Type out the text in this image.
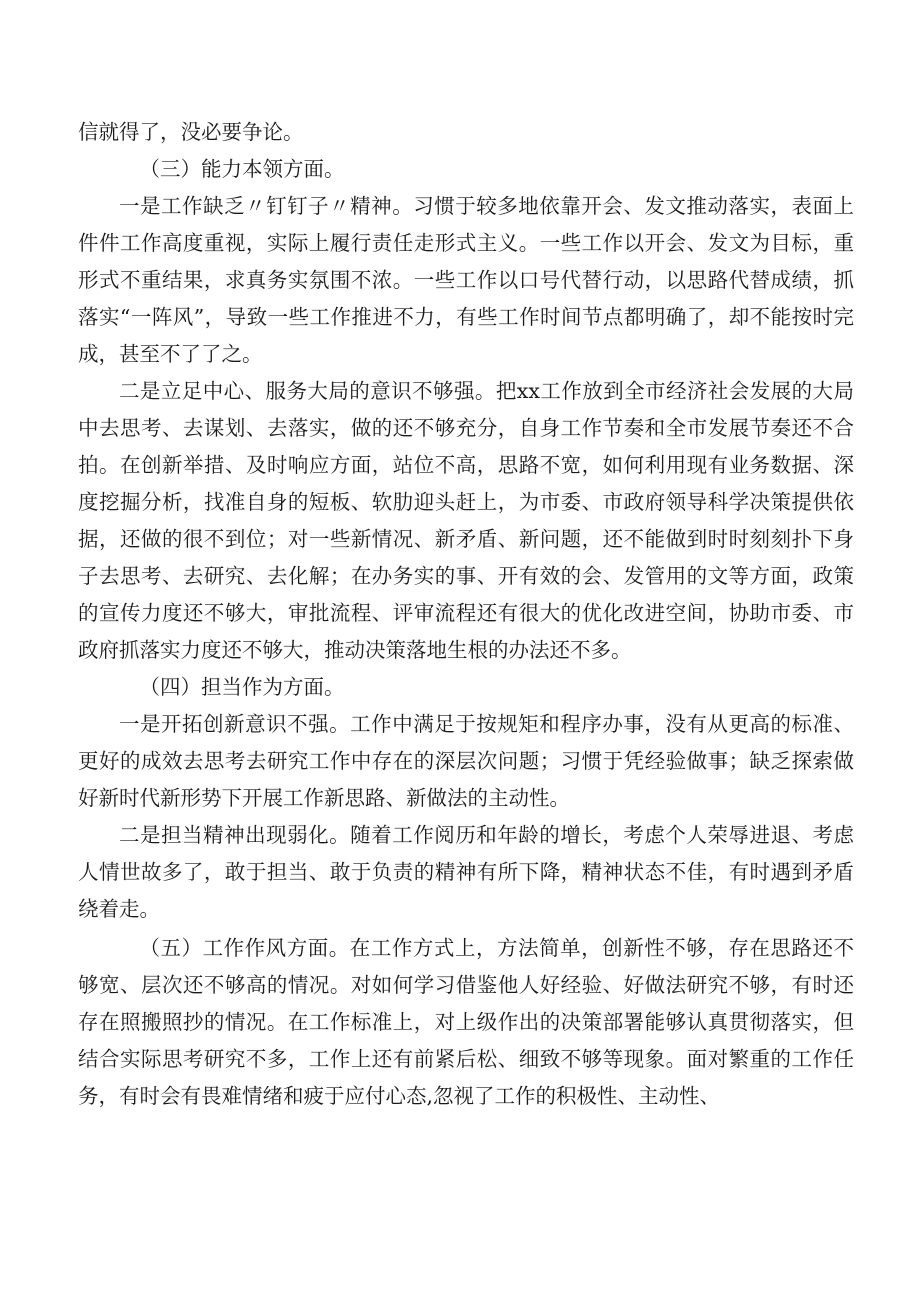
信就得了，没必要争论。

（三）能力本领方面。

一是工作缺乏〃钉钉子〃精神。习惯于较多地依靠开会、发文推动落实，表面上件件工作高度重视，实际上履行责任走形式主义。一些工作以开会、发文为目标，重形式不重结果，求真务实氛围不浓。一些工作以口号代替行动，以思路代替成绩，抓落实“一阵风”，导致一些工作推进不力，有些工作时间节点都明确了，却不能按时完成，甚至不了了之。

二是立足中心、服务大局的意识不够强。把xx工作放到全市经济社会发展的大局中去思考、去谋划、去落实，做的还不够充分，自身工作节奏和全市发展节奏还不合拍。在创新举措、及时响应方面，站位不高，思路不宽，如何利用现有业务数据、深度挖掘分析，找准自身的短板、软肋迎头赶上，为市委、市政府领导科学决策提供依据，还做的很不到位；对一些新情况、新矛盾、新问题，还不能做到时时刻刻扑下身子去思考、去研究、去化解；在办务实的事、开有效的会、发管用的文等方面，政策的宣传力度还不够大，审批流程、评审流程还有很大的优化改进空间，协助市委、市政府抓落实力度还不够大，推动决策落地生根的办法还不多。

（四）担当作为方面。

一是开拓创新意识不强。工作中满足于按规矩和程序办事，没有从更高的标准、更好的成效去思考去研究工作中存在的深层次问题；习惯于凭经验做事；缺乏探索做好新时代新形势下开展工作新思路、新做法的主动性。

二是担当精神出现弱化。随着工作阅历和年龄的增长，考虑个人荣辱进退、考虑人情世故多了，敢于担当、敢于负责的精神有所下降，精神状态不佳，有时遇到矛盾绕着走。

（五）工作作风方面。在工作方式上，方法简单，创新性不够，存在思路还不够宽、层次还不够高的情况。对如何学习借鉴他人好经验、好做法研究不够，有时还存在照搬照抄的情况。在工作标准上，对上级作出的决策部署能够认真贯彻落实，但结合实际思考研究不多，工作上还有前紧后松、细致不够等现象。面对繁重的工作任务，有时会有畏难情绪和疲于应付心态,忽视了工作的积极性、主动性、
